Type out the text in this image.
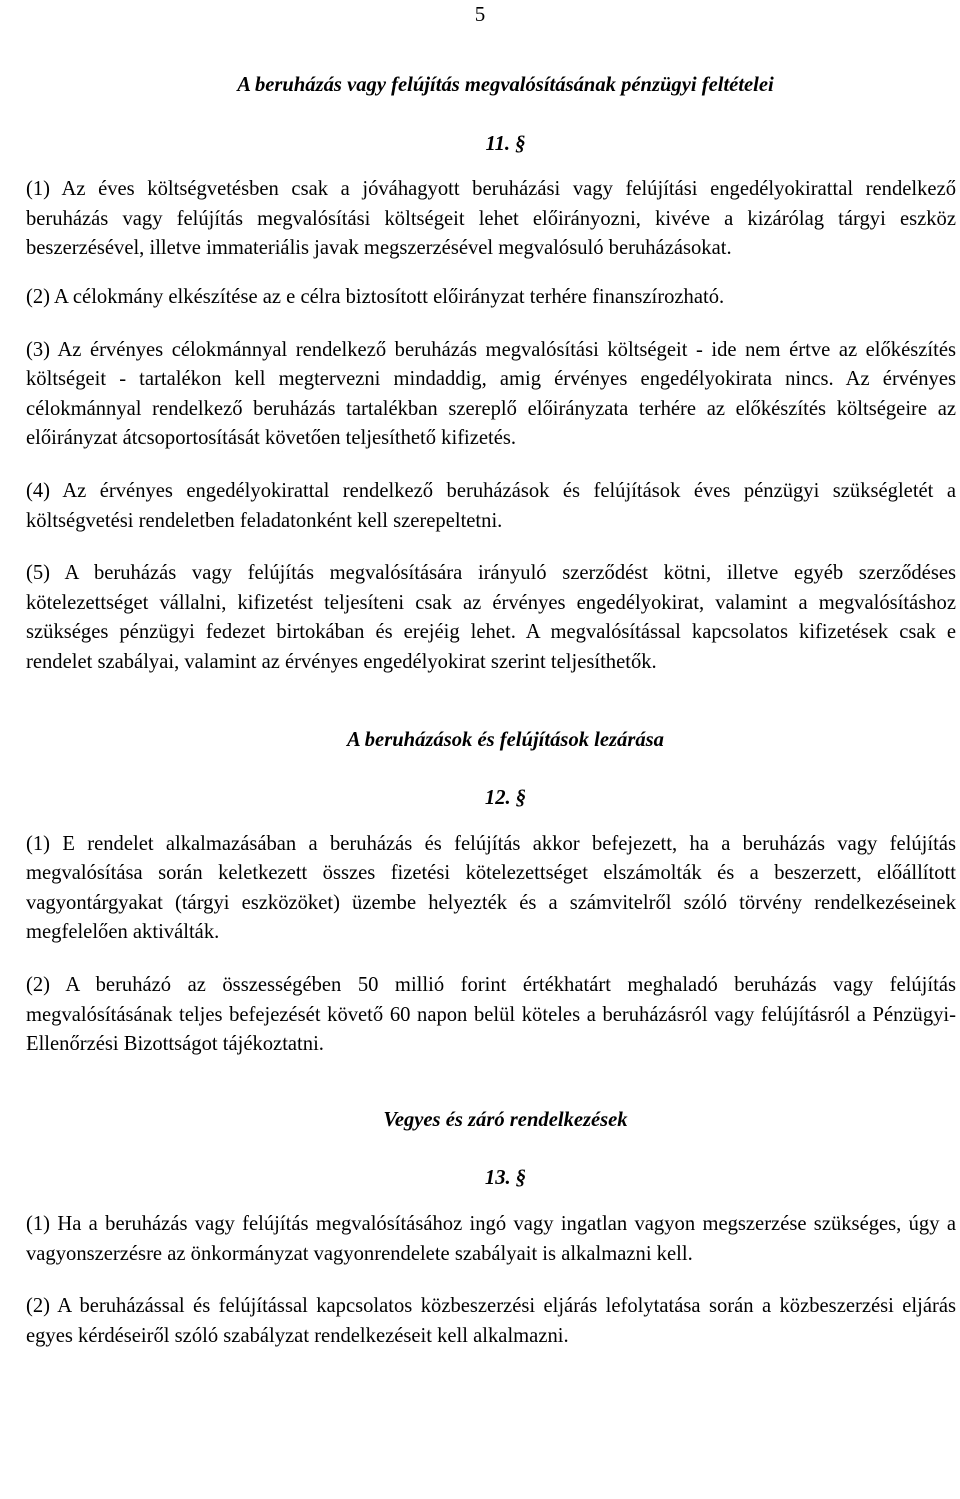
5

A beruházás vagy felújítás megvalósításának pénzügyi feltételei

11. §

(1) Az éves költségvetésben csak a jóváhagyott beruházási vagy felújítási engedélyokirattal rendelkező beruházás vagy felújítás megvalósítási költségeit lehet előirányozni, kivéve a kizárólag tárgyi eszköz beszerzésével, illetve immateriális javak megszerzésével megvalósuló beruházásokat.

(2) A célokmány elkészítése az e célra biztosított előirányzat terhére finanszírozható.

(3) Az érvényes célokmánnyal rendelkező beruházás megvalósítási költségeit - ide nem értve az előkészítés költségeit - tartalékon kell megtervezni mindaddig, amig érvényes engedélyokirata nincs. Az érvényes célokmánnyal rendelkező beruházás tartalékban szereplő előirányzata terhére az előkészítés költségeire az előirányzat átcsoportosítását követően teljesíthető kifizetés.

(4) Az érvényes engedélyokirattal rendelkező beruházások és felújítások éves pénzügyi szükségletét a költségvetési rendeletben feladatonként kell szerepeltetni.

(5) A beruházás vagy felújítás megvalósítására irányuló szerződést kötni, illetve egyéb szerződéses kötelezettséget vállalni, kifizetést teljesíteni csak az érvényes engedélyokirat, valamint a megvalósításhoz szükséges pénzügyi fedezet birtokában és erejéig lehet. A megvalósítással kapcsolatos kifizetések csak e rendelet szabályai, valamint az érvényes engedélyokirat szerint teljesíthetők.

A beruházások és felújítások lezárása

12. §

(1) E rendelet alkalmazásában a beruházás és felújítás akkor befejezett, ha a beruházás vagy felújítás megvalósítása során keletkezett összes fizetési kötelezettséget elszámolták és a beszerzett, előállított vagyontárgyakat (tárgyi eszközöket) üzembe helyezték és a számvitelről szóló törvény rendelkezéseinek megfelelően aktiválták.

(2) A beruházó az összességében 50 millió forint értékhatárt meghaladó beruházás vagy felújítás megvalósításának teljes befejezését követő 60 napon belül köteles a beruházásról vagy felújításról a Pénzügyi- Ellenőrzési Bizottságot tájékoztatni.

Vegyes és záró rendelkezések

13. §

(1) Ha a beruházás vagy felújítás megvalósításához ingó vagy ingatlan vagyon megszerzése szükséges, úgy a vagyonszerzésre az önkormányzat vagyonrendelete szabályait is alkalmazni kell.

(2) A beruházással és felújítással kapcsolatos közbeszerzési eljárás lefolytatása során a közbeszerzési eljárás egyes kérdéseiről szóló szabályzat rendelkezéseit kell alkalmazni.
